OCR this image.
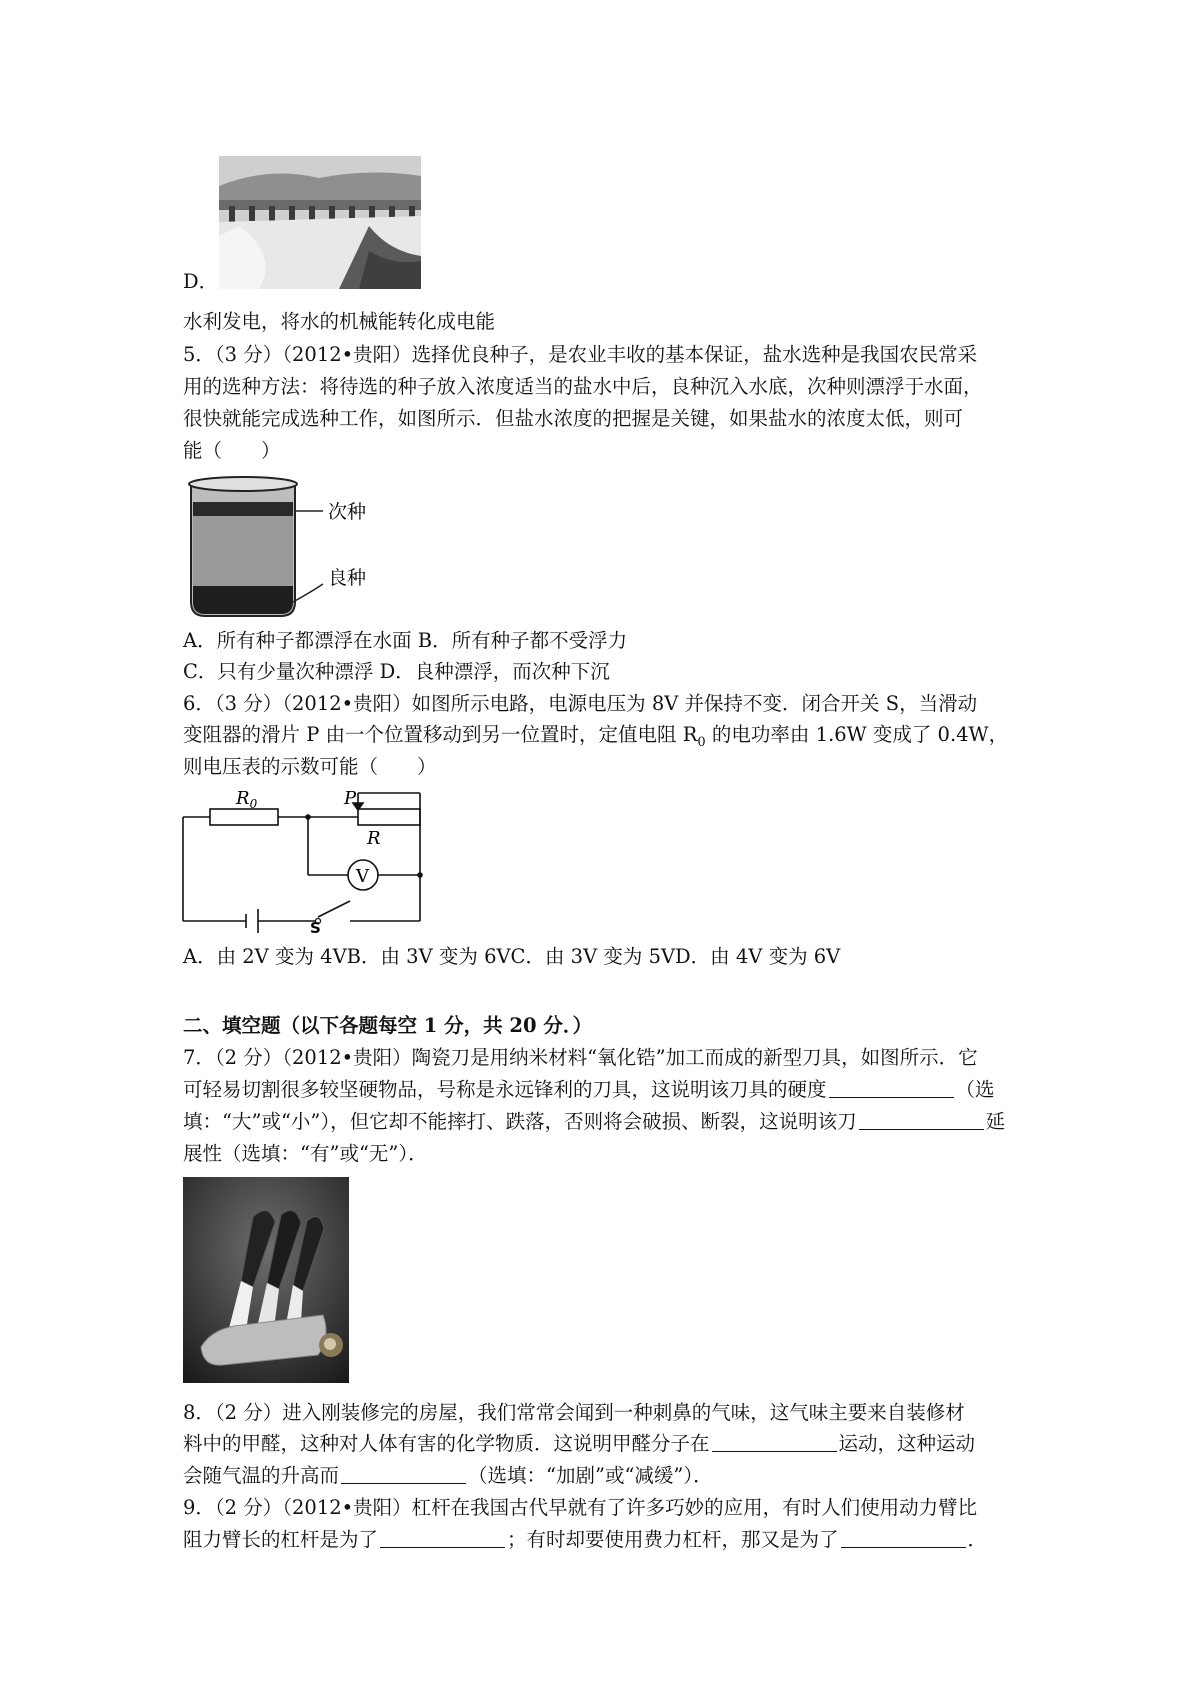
D．
水利发电，将水的机械能转化成电能
5．（3 分）（2012•贵阳）选择优良种子，是农业丰收的基本保证，盐水选种是我国农民常采
用的选种方法：将待选的种子放入浓度适当的盐水中后，良种沉入水底，次种则漂浮于水面，
很快就能完成选种工作，如图所示．但盐水浓度的把握是关键，如果盐水的浓度太低，则可
能（　　）
次种
良种
A．所有种子都漂浮在水面 B．所有种子都不受浮力
C．只有少量次种漂浮 D．良种漂浮，而次种下沉
6．（3 分）（2012•贵阳）如图所示电路，电源电压为 8V 并保持不变．闭合开关 S，当滑动
变阻器的滑片 P 由一个位置移动到另一位置时，定值电阻 $R_0$ 的电功率由 1.6W 变成了 0.4W，
则电压表的示数可能（　　）
$R_0$	P
R
V
S
A．由 2V 变为 4VB．由 3V 变为 6VC．由 3V 变为 5VD．由 4V 变为 6V
二、填空题（以下各题每空 1 分，共 20 分．）
7．（2 分）（2012•贵阳）陶瓷刀是用纳米材料“氧化锆”加工而成的新型刀具，如图所示．它
可轻易切割很多较坚硬物品，号称是永远锋利的刀具，这说明该刀具的硬度	（选
填：“大”或“小”），但它却不能摔打、跌落，否则将会破损、断裂，这说明该刀	延
展性（选填：“有”或“无”）．
8．（2 分）进入刚装修完的房屋，我们常常会闻到一种刺鼻的气味，这气味主要来自装修材
料中的甲醛，这种对人体有害的化学物质．这说明甲醛分子在	运动，这种运动
会随气温的升高而	（选填：“加剧”或“减缓”）．
9．（2 分）（2012•贵阳）杠杆在我国古代早就有了许多巧妙的应用，有时人们使用动力臂比
阻力臂长的杠杆是为了	；有时却要使用费力杠杆，那又是为了	．
